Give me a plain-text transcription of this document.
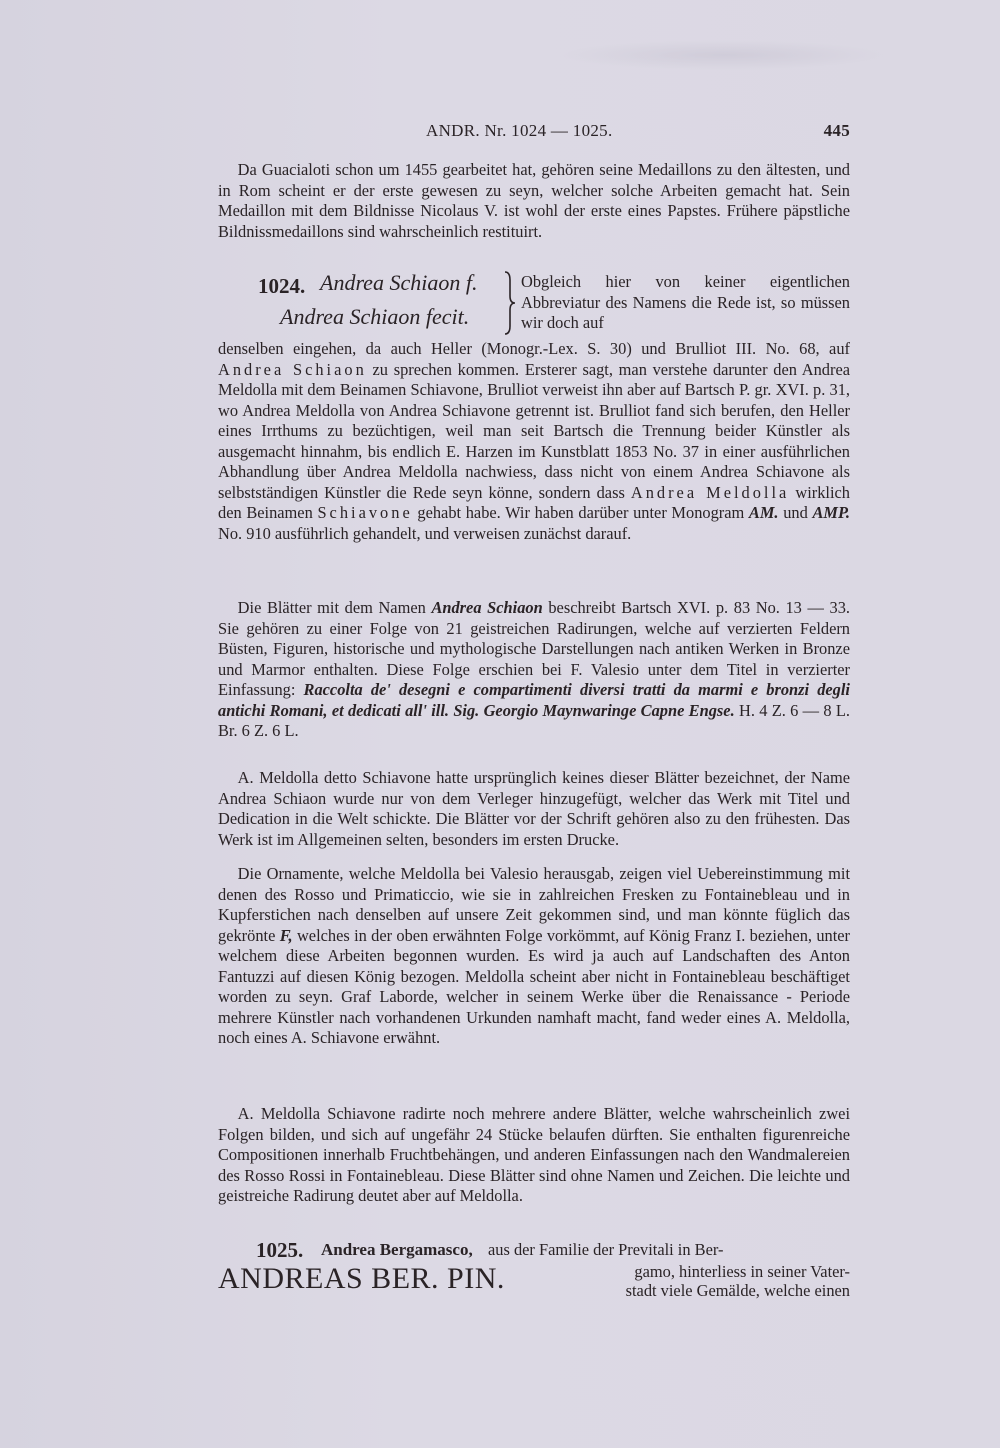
ANDR. Nr. 1024 — 1025.	445
Da Guacialoti schon um 1455 gearbeitet hat, gehören seine Medaillons zu den ältesten, und in Rom scheint er der erste gewesen zu seyn, welcher solche Arbeiten gemacht hat. Sein Medaillon mit dem Bildnisse Nicolaus V. ist wohl der erste eines Papstes. Frühere päpstliche Bildnissmedaillons sind wahrscheinlich restituirt.
1024. Andrea Schiaon f.
Andrea Schiaon fecit.
Obgleich hier von keiner eigentlichen Abbreviatur des Namens die Rede ist, so müssen wir doch auf
denselben eingehen, da auch Heller (Monogr.-Lex. S. 30) und Brulliot III. No. 68, auf Andrea Schiaon zu sprechen kommen. Ersterer sagt, man verstehe darunter den Andrea Meldolla mit dem Beinamen Schiavone, Brulliot verweist ihn aber auf Bartsch P. gr. XVI. p. 31, wo Andrea Meldolla von Andrea Schiavone getrennt ist. Brulliot fand sich berufen, den Heller eines Irrthums zu bezüchtigen, weil man seit Bartsch die Trennung beider Künstler als ausgemacht hinnahm, bis endlich E. Harzen im Kunstblatt 1853 No. 37 in einer ausführlichen Abhandlung über Andrea Meldolla nachwiess, dass nicht von einem Andrea Schiavone als selbstständigen Künstler die Rede seyn könne, sondern dass Andrea Meldolla wirklich den Beinamen Schiavone gehabt habe. Wir haben darüber unter Monogram AM. und AMP. No. 910 ausführlich gehandelt, und verweisen zunächst darauf.
Die Blätter mit dem Namen Andrea Schiaon beschreibt Bartsch XVI. p. 83 No. 13 — 33. Sie gehören zu einer Folge von 21 geistreichen Radirungen, welche auf verzierten Feldern Büsten, Figuren, historische und mythologische Darstellungen nach antiken Werken in Bronze und Marmor enthalten. Diese Folge erschien bei F. Valesio unter dem Titel in verzierter Einfassung: Raccolta de' desegni e compartimenti diversi tratti da marmi e bronzi degli antichi Romani, et dedicati all' ill. Sig. Georgio Maynwaringe Capne Engse. H. 4 Z. 6 — 8 L. Br. 6 Z. 6 L.
A. Meldolla detto Schiavone hatte ursprünglich keines dieser Blätter bezeichnet, der Name Andrea Schiaon wurde nur von dem Verleger hinzugefügt, welcher das Werk mit Titel und Dedication in die Welt schickte. Die Blätter vor der Schrift gehören also zu den frühesten. Das Werk ist im Allgemeinen selten, besonders im ersten Drucke.
Die Ornamente, welche Meldolla bei Valesio herausgab, zeigen viel Uebereinstimmung mit denen des Rosso und Primaticcio, wie sie in zahlreichen Fresken zu Fontainebleau und in Kupferstichen nach denselben auf unsere Zeit gekommen sind, und man könnte füglich das gekrönte F, welches in der oben erwähnten Folge vorkömmt, auf König Franz I. beziehen, unter welchem diese Arbeiten begonnen wurden. Es wird ja auch auf Landschaften des Anton Fantuzzi auf diesen König bezogen. Meldolla scheint aber nicht in Fontainebleau beschäftiget worden zu seyn. Graf Laborde, welcher in seinem Werke über die Renaissance - Periode mehrere Künstler nach vorhandenen Urkunden namhaft macht, fand weder eines A. Meldolla, noch eines A. Schiavone erwähnt.
A. Meldolla Schiavone radirte noch mehrere andere Blätter, welche wahrscheinlich zwei Folgen bilden, und sich auf ungefähr 24 Stücke belaufen dürften. Sie enthalten figurenreiche Compositionen innerhalb Fruchtbehängen, und anderen Einfassungen nach den Wandmalereien des Rosso Rossi in Fontainebleau. Diese Blätter sind ohne Namen und Zeichen. Die leichte und geistreiche Radirung deutet aber auf Meldolla.
1025. Andrea Bergamasco, aus der Familie der Previtali in Ber-
ANDREAS BER. PIN.	gamo, hinterliess in seiner Vater-
stadt viele Gemälde, welche einen
